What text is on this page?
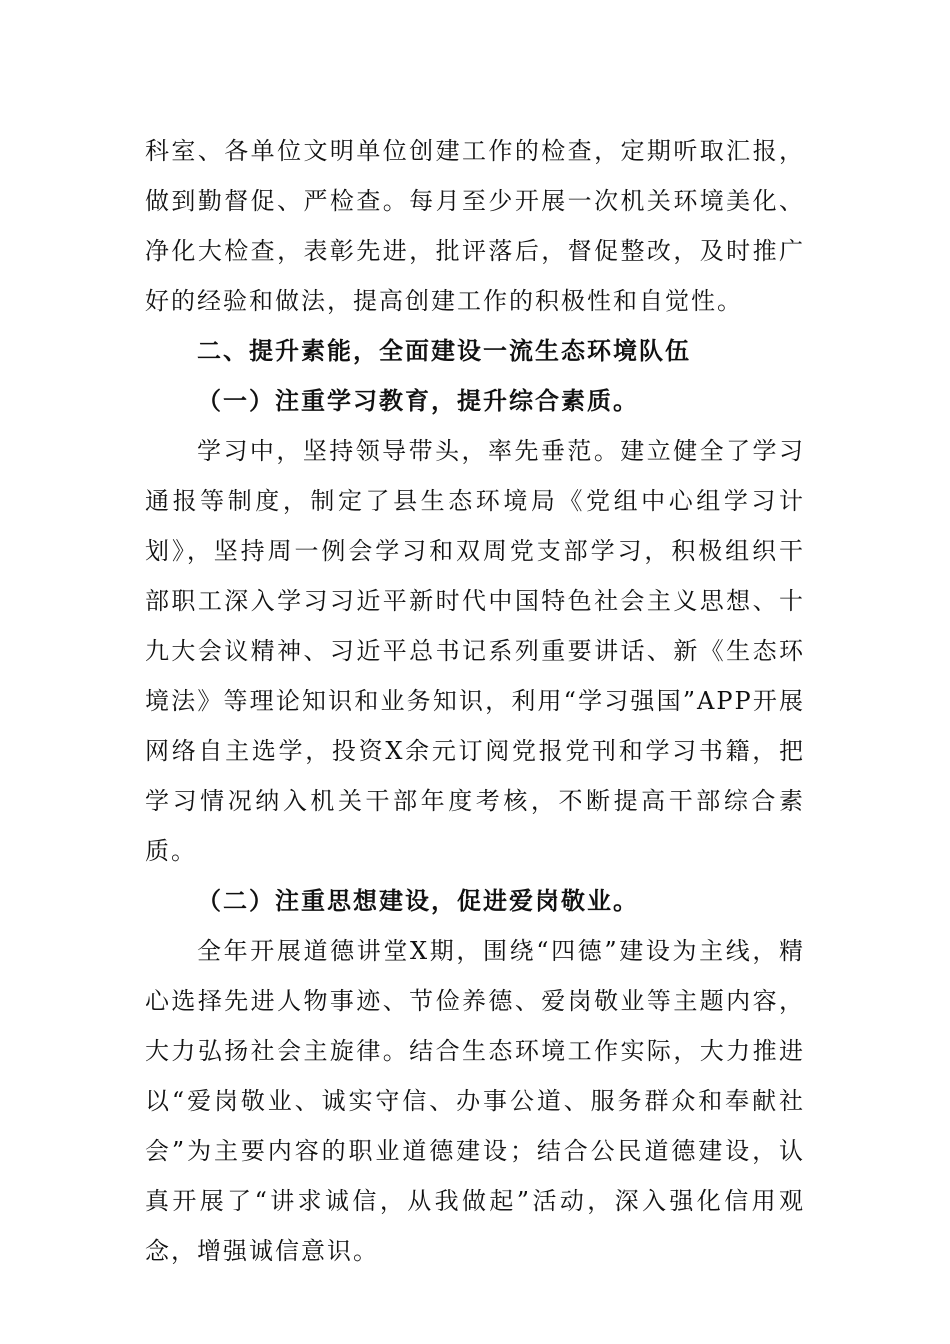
科室、各单位文明单位创建工作的检查，定期听取汇报，做到勤督促、严检查。每月至少开展一次机关环境美化、净化大检查，表彰先进，批评落后，督促整改，及时推广好的经验和做法，提高创建工作的积极性和自觉性。

二、提升素能，全面建设一流生态环境队伍

（一）注重学习教育，提升综合素质。

学习中，坚持领导带头，率先垂范。建立健全了学习通报等制度，制定了县生态环境局《党组中心组学习计划》，坚持周一例会学习和双周党支部学习，积极组织干部职工深入学习习近平新时代中国特色社会主义思想、十九大会议精神、习近平总书记系列重要讲话、新《生态环境法》等理论知识和业务知识，利用“学习强国”APP开展网络自主选学，投资X余元订阅党报党刊和学习书籍，把学习情况纳入机关干部年度考核，不断提高干部综合素质。

（二）注重思想建设，促进爱岗敬业。

全年开展道德讲堂X期，围绕“四德”建设为主线，精心选择先进人物事迹、节俭养德、爱岗敬业等主题内容，大力弘扬社会主旋律。结合生态环境工作实际，大力推进以“爱岗敬业、诚实守信、办事公道、服务群众和奉献社会”为主要内容的职业道德建设；结合公民道德建设，认真开展了“讲求诚信，从我做起”活动，深入强化信用观念，增强诚信意识。
